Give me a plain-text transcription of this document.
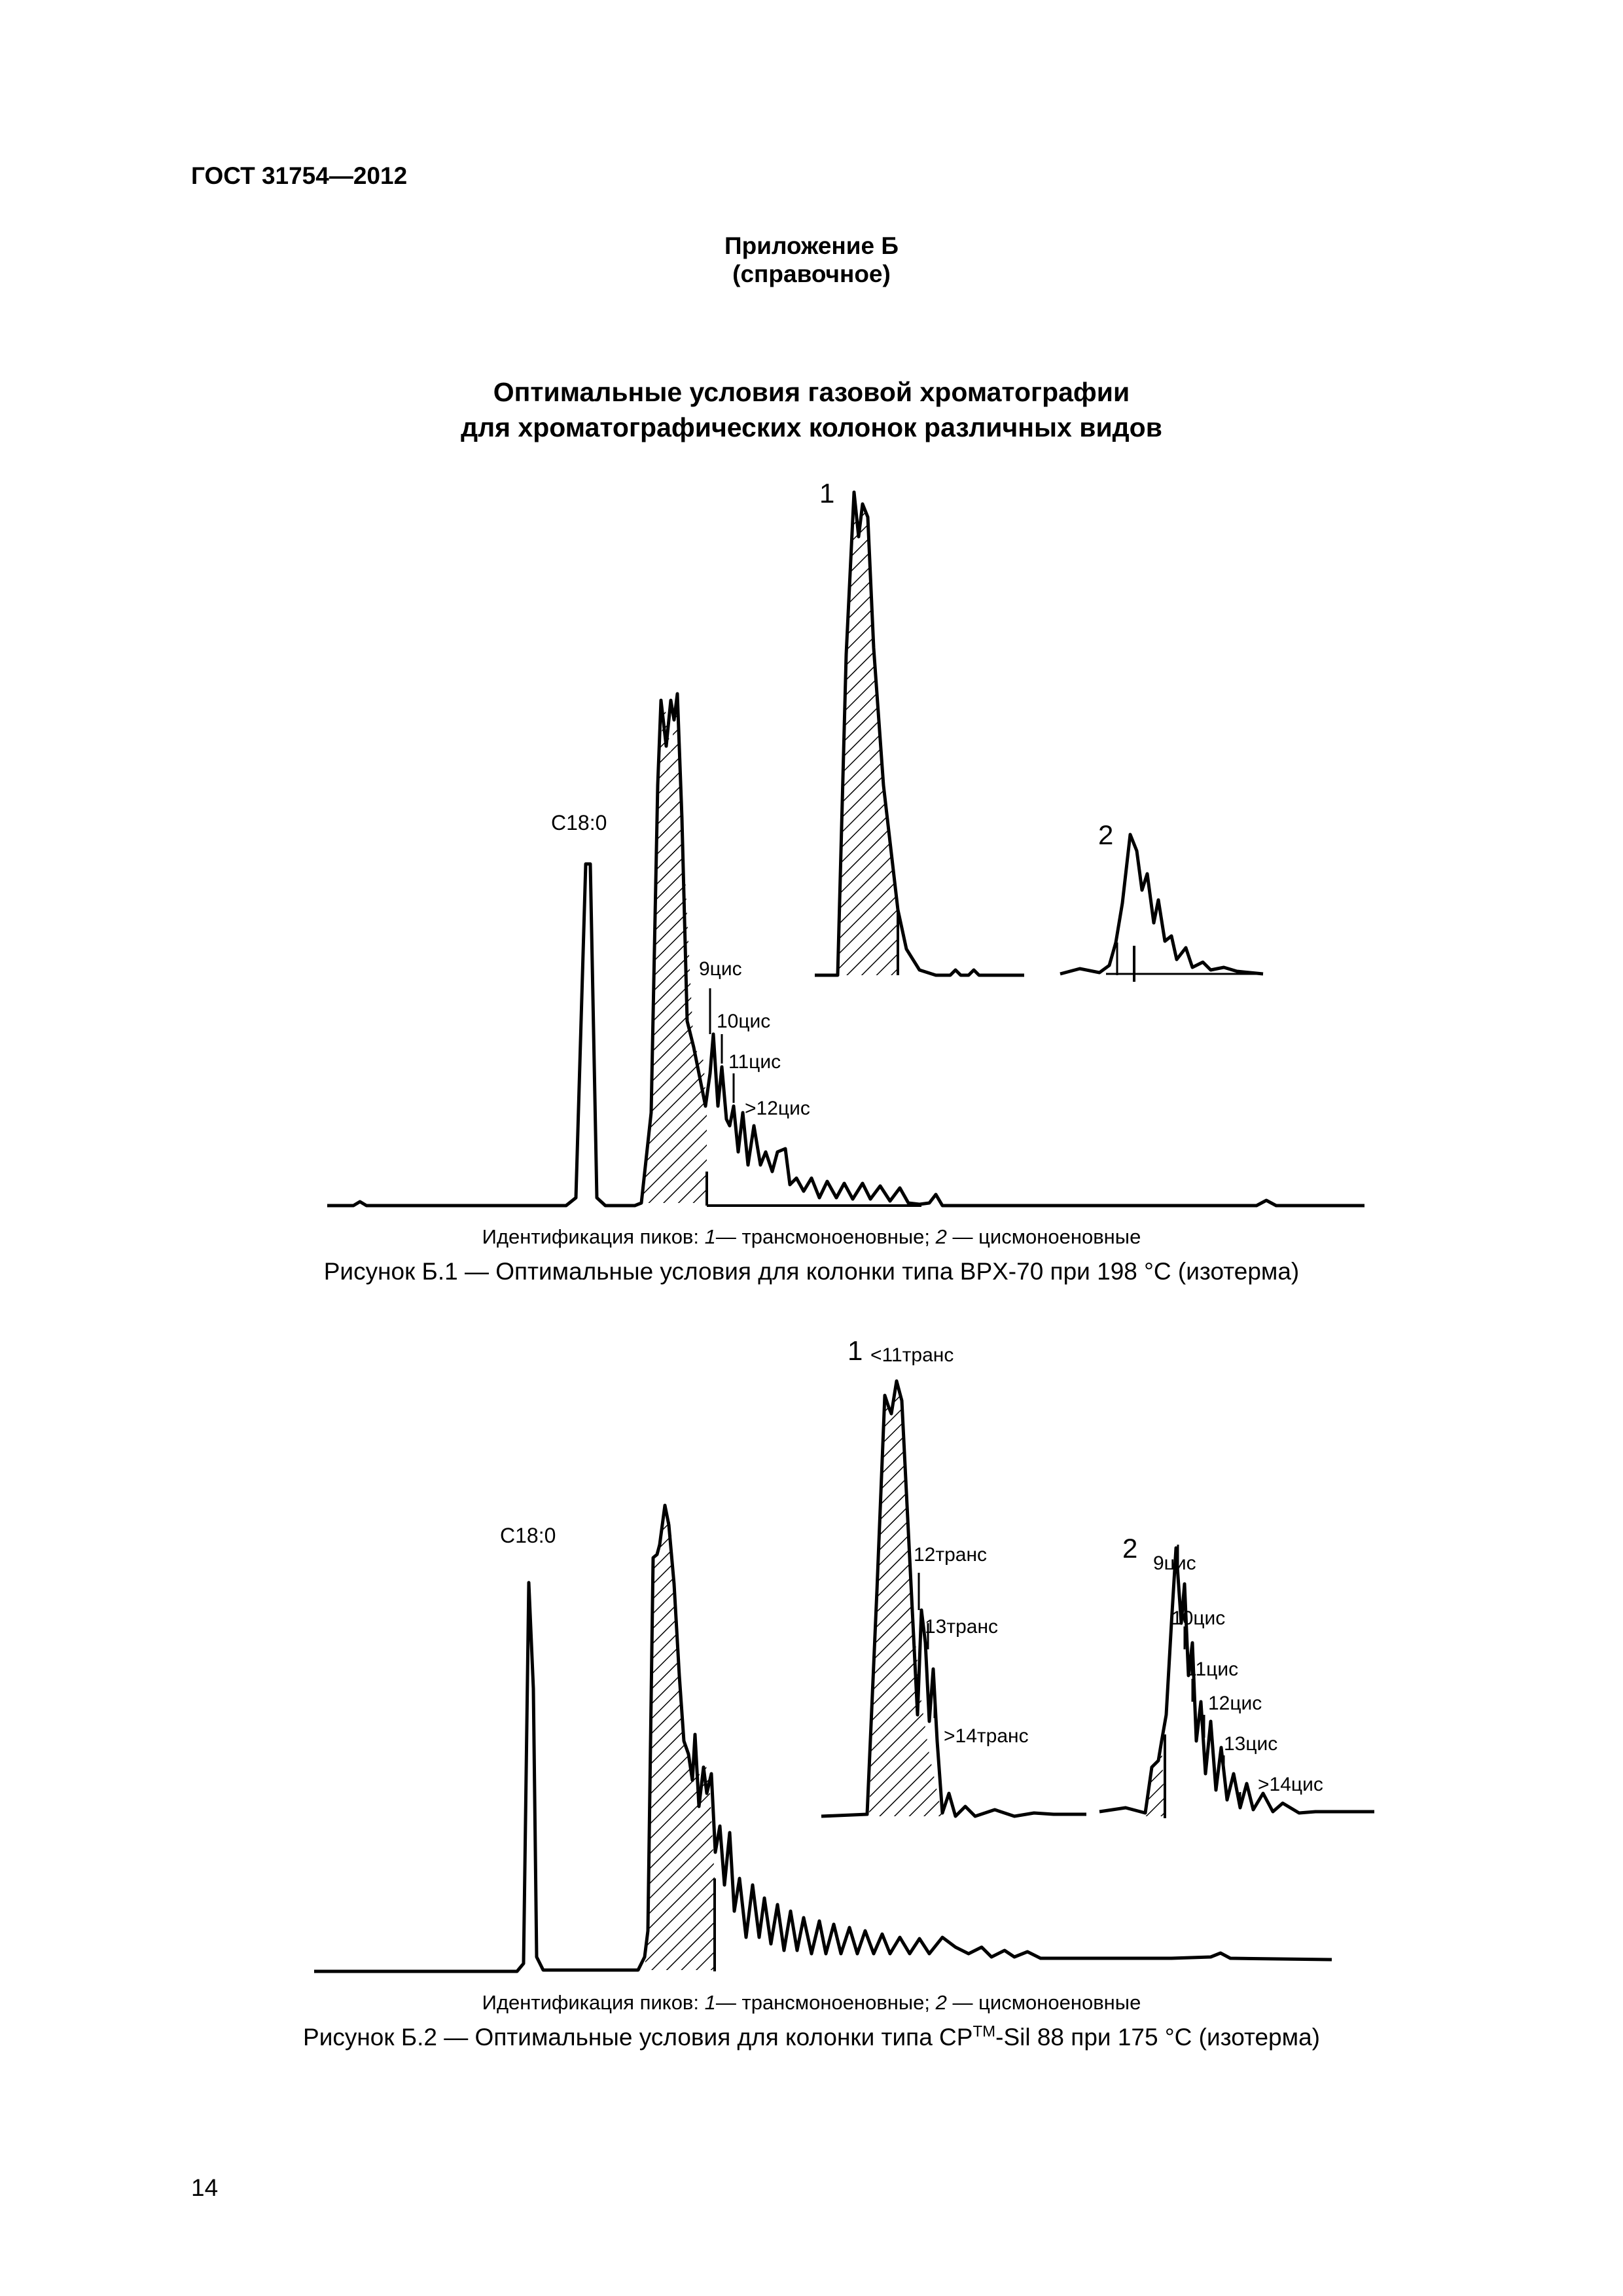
ГОСТ 31754—2012
Приложение Б
(справочное)
Оптимальные условия газовой хроматографии
для хроматографических колонок различных видов
C18:0
9цис
10цис
11цис
>12цис
1
2
Идентификация пиков: 1— трансмоноеновные; 2 — цисмоноеновные
Рисунок Б.1 — Оптимальные условия для колонки типа BPX-70 при 198 °C (изотерма)
C18:0
1 <11транс
12транс
13транс
>14транс
2 9цис
10цис
11цис
12цис
13цис
>14цис
Идентификация пиков: 1— трансмоноеновные; 2 — цисмоноеновные
Рисунок Б.2 — Оптимальные условия для колонки типа CP™-Sil 88 при 175 °C (изотерма)
14
